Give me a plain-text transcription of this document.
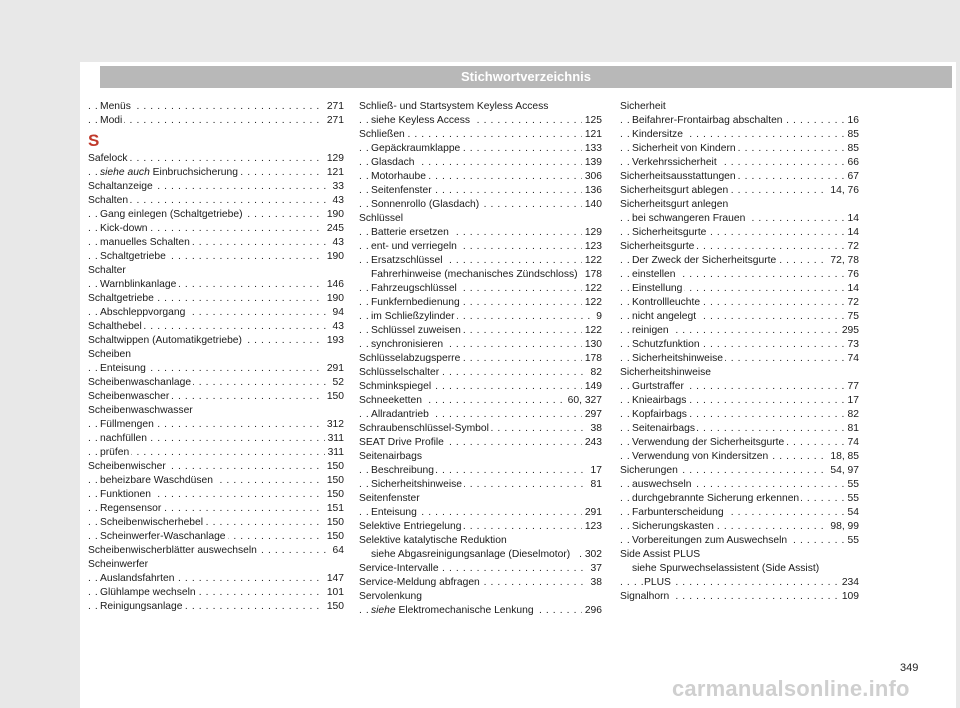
Stichwortverzeichnis
Menüs	271
. . .
Modi	271
. . .
S
Safelock	129
. . .
siehe auch Einbruchsicherung	121
. . .
Schaltanzeige	33
. . .
Schalten	43
. . .
Gang einlegen (Schaltgetriebe)	190
. . .
Kick-down	245
. . .
manuelles Schalten	43
. . .
Schaltgetriebe	190
. . .
Schalter
Warnblinkanlage	146
. . .
Schaltgetriebe	190
. . .
Abschleppvorgang	94
. . .
Schalthebel	43
. . .
Schaltwippen (Automatikgetriebe)	193
. . .
Scheiben
Enteisung	291
. . .
Scheibenwaschanlage	52
. . .
Scheibenwascher	150
. . .
Scheibenwaschwasser
Füllmengen	312
. . .
nachfüllen	311
. . .
prüfen	311
. . .
Scheibenwischer	150
. . .
beheizbare Waschdüsen	150
. . .
Funktionen	150
. . .
Regensensor	151
. . .
Scheibenwischerhebel	150
. . .
Scheinwerfer-Waschanlage	150
. . .
Scheibenwischerblätter auswechseln	64
. . .
Scheinwerfer
Auslandsfahrten	147
. . .
Glühlampe wechseln	101
. . .
Reinigungsanlage	150
. . .
Schließ- und Startsystem Keyless Access
siehe Keyless Access	125
. . .
Schließen	121
. . .
Gepäckraumklappe	133
. . .
Glasdach	139
. . .
Motorhaube	306
. . .
Seitenfenster	136
. . .
Sonnenrollo (Glasdach)	140
. . .
Schlüssel
Batterie ersetzen	129
. . .
ent- und verriegeln	123
. . .
Ersatzschlüssel	122
. . .
Fahrerhinweise (mechanisches Zündschloss) 178
Fahrzeugschlüssel	122
. . .
Funkfernbedienung	122
. . .
im Schließzylinder	9
. . .
Schlüssel zuweisen	122
. . .
synchronisieren	130
. . .
Schlüsselabzugsperre	178
. . .
Schlüsselschalter	82
. . .
Schminkspiegel	149
. . .
Schneeketten	60, 327
. . .
Allradantrieb	297
. . .
Schraubenschlüssel-Symbol	38
. . .
SEAT Drive Profile	243
. . .
Seitenairbags
Beschreibung	17
. . .
Sicherheitshinweise	81
. . .
Seitenfenster
Enteisung	291
. . .
Selektive Entriegelung	123
. . .
Selektive katalytische Reduktion
siehe Abgasreinigungsanlage (Dieselmotor) . 302
Service-Intervalle	37
. . .
Service-Meldung abfragen	38
. . .
Servolenkung
siehe Elektromechanische Lenkung	296
. . .
Sicherheit
Beifahrer-Frontairbag abschalten	16
. . .
Kindersitze	85
. . .
Sicherheit von Kindern	85
. . .
Verkehrssicherheit	66
. . .
Sicherheitsausstattungen	67
. . .
Sicherheitsgurt ablegen	14, 76
. . .
Sicherheitsgurt anlegen
bei schwangeren Frauen	14
. . .
Sicherheitsgurte	14
. . .
Sicherheitsgurte	72
. . .
Der Zweck der Sicherheitsgurte	72, 78
. . .
einstellen	76
. . .
Einstellung	14
. . .
Kontrollleuchte	72
. . .
nicht angelegt	75
. . .
reinigen	295
. . .
Schutzfunktion	73
. . .
Sicherheitshinweise	74
. . .
Sicherheitshinweise
Gurtstraffer	77
. . .
Knieairbags	17
. . .
Kopfairbags	82
. . .
Seitenairbags	81
. . .
Verwendung der Sicherheitsgurte	74
. . .
Verwendung von Kindersitzen	18, 85
. . .
Sicherungen	54, 97
. . .
auswechseln	55
. . .
durchgebrannte Sicherung erkennen	55
. . .
Farbunterscheidung	54
. . .
Sicherungskasten	98, 99
. . .
Vorbereitungen zum Auswechseln	55
. . .
Side Assist PLUS
siehe Spurwechselassistent (Side Assist)
PLUS	234
. . .
Signalhorn	109
. . .
349
carmanualsonline.info
